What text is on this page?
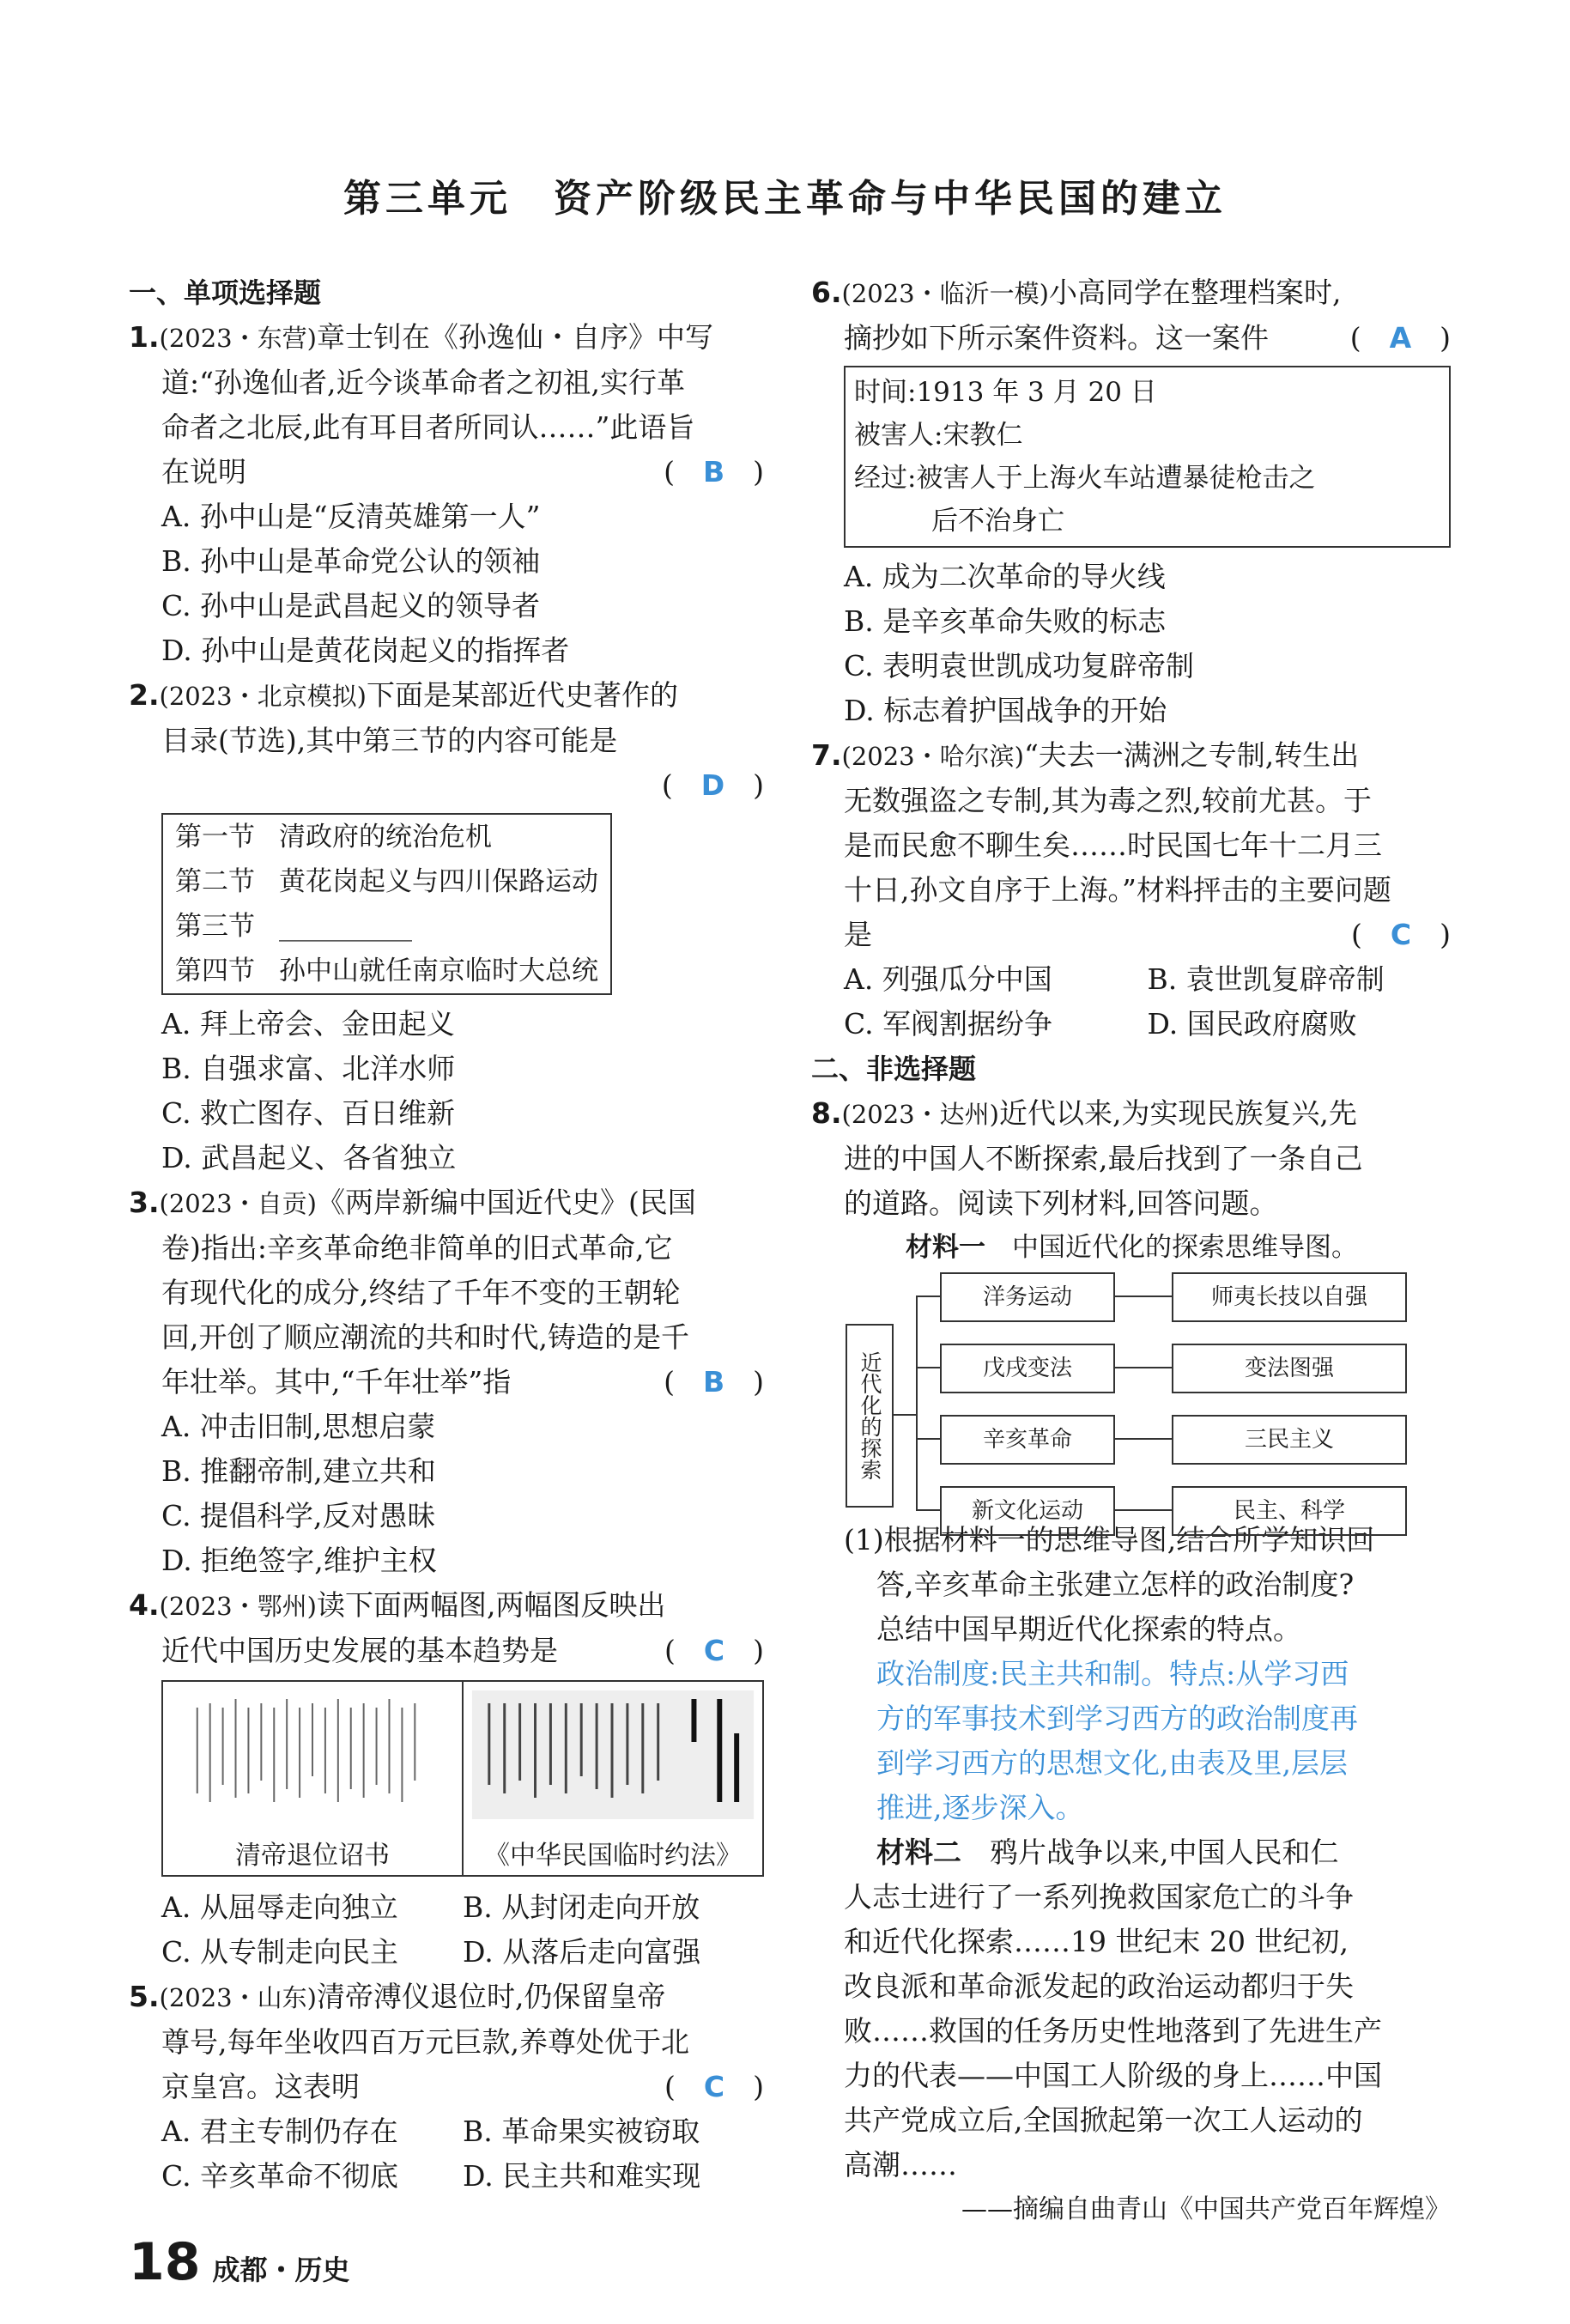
第三单元　资产阶级民主革命与中华民国的建立
一、单项选择题
1.(2023・东营)章士钊在《孙逸仙・自序》中写
道:“孙逸仙者,近今谈革命者之初祖,实行革
命者之北辰,此有耳目者所同认……”此语旨
在说明	(　B　)
A. 孙中山是“反清英雄第一人”
B. 孙中山是革命党公认的领袖
C. 孙中山是武昌起义的领导者
D. 孙中山是黄花岗起义的指挥者
2.(2023・北京模拟)下面是某部近代史著作的
目录(节选),其中第三节的内容可能是
(　D　)

第一节	清政府的统治危机
第二节	黄花岗起义与四川保路运动
第三节	__________
第四节	孙中山就任南京临时大总统
A. 拜上帝会、金田起义
B. 自强求富、北洋水师
C. 救亡图存、百日维新
D. 武昌起义、各省独立
3.(2023・自贡)《两岸新编中国近代史》(民国
卷)指出:辛亥革命绝非简单的旧式革命,它
有现代化的成分,终结了千年不变的王朝轮
回,开创了顺应潮流的共和时代,铸造的是千
年壮举。其中,“千年壮举”指	(　B　)
A. 冲击旧制,思想启蒙
B. 推翻帝制,建立共和
C. 提倡科学,反对愚昧
D. 拒绝签字,维护主权
4.(2023・鄂州)读下面两幅图,两幅图反映出
近代中国历史发展的基本趋势是	(　C　)
清帝退位诏书	《中华民国临时约法》
A. 从屈辱走向独立	B. 从封闭走向开放
C. 从专制走向民主	D. 从落后走向富强
5.(2023・山东)清帝溥仪退位时,仍保留皇帝
尊号,每年坐收四百万元巨款,养尊处优于北
京皇宫。这表明	(　C　)
A. 君主专制仍存在	B. 革命果实被窃取
C. 辛亥革命不彻底	D. 民主共和难实现
6.(2023・临沂一模)小高同学在整理档案时,
摘抄如下所示案件资料。这一案件	(　A　)
时间:1913 年 3 月 20 日
被害人:宋教仁
经过:被害人于上海火车站遭暴徒枪击之
后不治身亡
A. 成为二次革命的导火线
B. 是辛亥革命失败的标志
C. 表明袁世凯成功复辟帝制
D. 标志着护国战争的开始
7.(2023・哈尔滨)“夫去一满洲之专制,转生出
无数强盗之专制,其为毒之烈,较前尤甚。于
是而民愈不聊生矣……时民国七年十二月三
十日,孙文自序于上海。”材料抨击的主要问题
是	(　C　)
A. 列强瓜分中国	B. 袁世凯复辟帝制
C. 军阀割据纷争	D. 国民政府腐败
二、非选择题
8.(2023・达州)近代以来,为实现民族复兴,先
进的中国人不断探索,最后找到了一条自己
的道路。阅读下列材料,回答问题。
材料一　 中国近代化的探索思维导图。
近代化的探索
洋务运动	师夷长技以自强
戊戌变法	变法图强
辛亥革命	三民主义
新文化运动	民主、科学
(1)根据材料一的思维导图,结合所学知识回
答,辛亥革命主张建立怎样的政治制度?
总结中国早期近代化探索的特点。
政治制度:民主共和制。特点:从学习西
方的军事技术到学习西方的政治制度再
到学习西方的思想文化,由表及里,层层
推进,逐步深入。
材料二　 鸦片战争以来,中国人民和仁
人志士进行了一系列挽救国家危亡的斗争
和近代化探索……19 世纪末 20 世纪初,
改良派和革命派发起的政治运动都归于失
败……救国的任务历史性地落到了先进生产
力的代表——中国工人阶级的身上……中国
共产党成立后,全国掀起第一次工人运动的
高潮……
——摘编自曲青山《中国共产党百年辉煌》
18 成都・历史
